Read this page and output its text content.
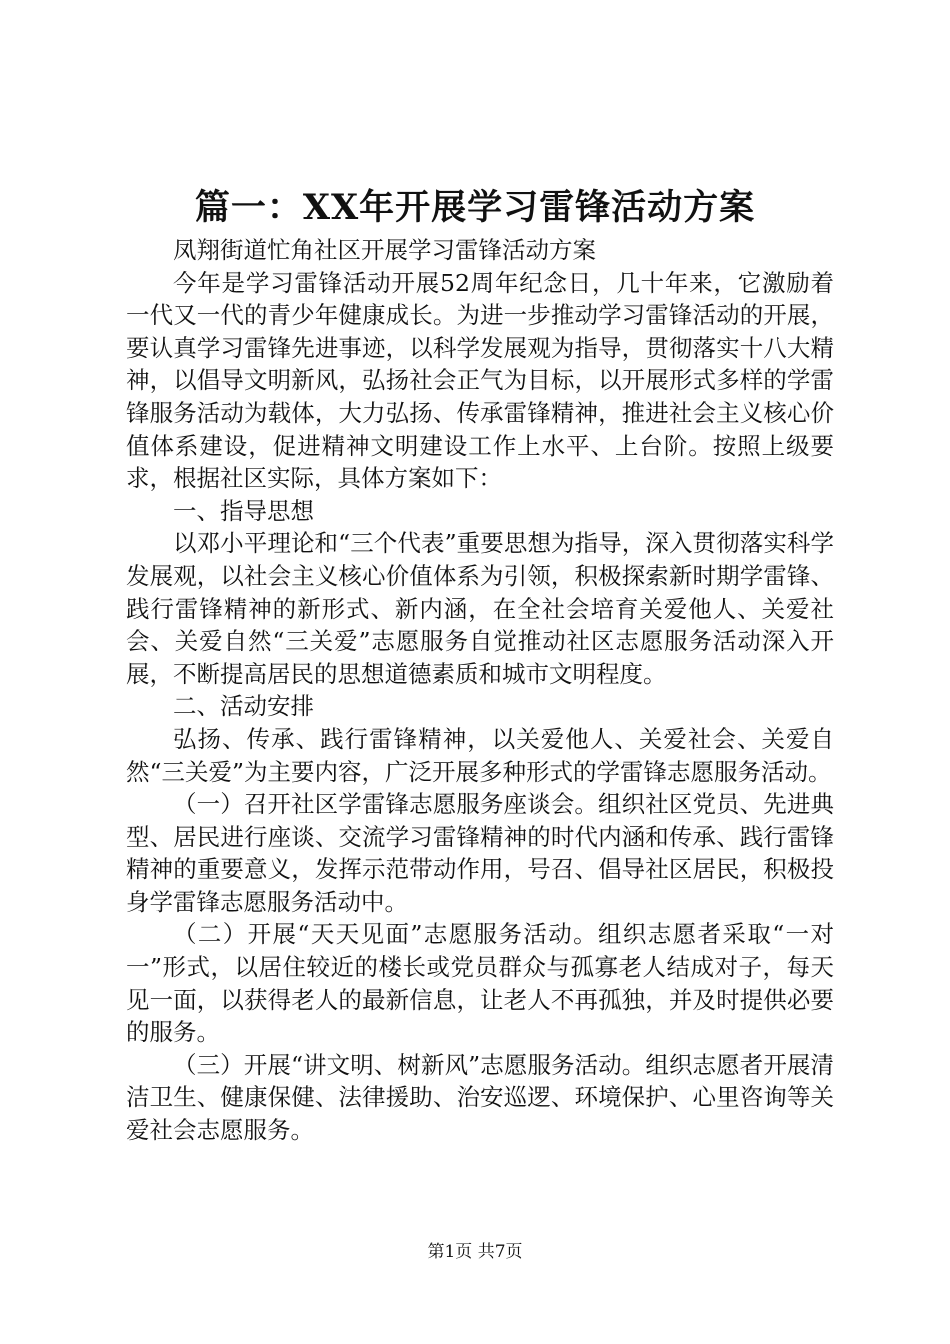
篇一：XX年开展学习雷锋活动方案

凤翔街道忙角社区开展学习雷锋活动方案

今年是学习雷锋活动开展52周年纪念日，几十年来，它激励着一代又一代的青少年健康成长。为进一步推动学习雷锋活动的开展，要认真学习雷锋先进事迹，以科学发展观为指导，贯彻落实十八大精神，以倡导文明新风，弘扬社会正气为目标，以开展形式多样的学雷锋服务活动为载体，大力弘扬、传承雷锋精神，推进社会主义核心价值体系建设，促进精神文明建设工作上水平、上台阶。按照上级要求，根据社区实际，具体方案如下：

一、指导思想

以邓小平理论和“三个代表”重要思想为指导，深入贯彻落实科学发展观，以社会主义核心价值体系为引领，积极探索新时期学雷锋、践行雷锋精神的新形式、新内涵，在全社会培育关爱他人、关爱社会、关爱自然“三关爱”志愿服务自觉推动社区志愿服务活动深入开展，不断提高居民的思想道德素质和城市文明程度。

二、活动安排

弘扬、传承、践行雷锋精神，以关爱他人、关爱社会、关爱自然“三关爱”为主要内容，广泛开展多种形式的学雷锋志愿服务活动。

（一）召开社区学雷锋志愿服务座谈会。组织社区党员、先进典型、居民进行座谈、交流学习雷锋精神的时代内涵和传承、践行雷锋精神的重要意义，发挥示范带动作用，号召、倡导社区居民，积极投身学雷锋志愿服务活动中。

（二）开展“天天见面”志愿服务活动。组织志愿者采取“一对一”形式，以居住较近的楼长或党员群众与孤寡老人结成对子，每天见一面，以获得老人的最新信息，让老人不再孤独，并及时提供必要的服务。

（三）开展“讲文明、树新风”志愿服务活动。组织志愿者开展清洁卫生、健康保健、法律援助、治安巡逻、环境保护、心里咨询等关爱社会志愿服务。

第1页 共7页
